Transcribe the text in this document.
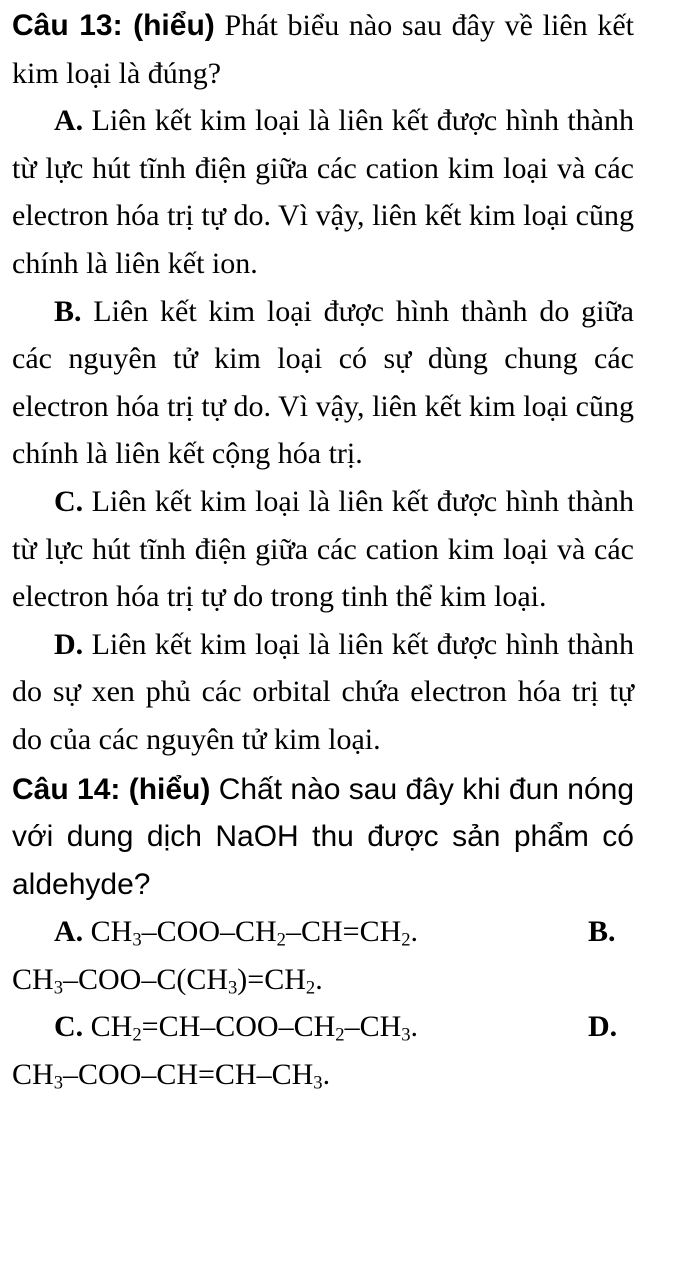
Câu 13: (hiểu) Phát biểu nào sau đây về liên kết kim loại là đúng?

A. Liên kết kim loại là liên kết được hình thành từ lực hút tĩnh điện giữa các cation kim loại và các electron hóa trị tự do. Vì vậy, liên kết kim loại cũng chính là liên kết ion.

B. Liên kết kim loại được hình thành do giữa các nguyên tử kim loại có sự dùng chung các electron hóa trị tự do. Vì vậy, liên kết kim loại cũng chính là liên kết cộng hóa trị.

C. Liên kết kim loại là liên kết được hình thành từ lực hút tĩnh điện giữa các cation kim loại và các electron hóa trị tự do trong tinh thể kim loại.

D. Liên kết kim loại là liên kết được hình thành do sự xen phủ các orbital chứa electron hóa trị tự do của các nguyên tử kim loại.

Câu 14: (hiểu) Chất nào sau đây khi đun nóng với dung dịch NaOH thu được sản phẩm có aldehyde?

A. $CH_3-COO-CH_2-CH=CH_2$.	B.
$CH_3-COO-C(CH_3)=CH_2$.
C. $CH_2=CH-COO-CH_2-CH_3$.	D.
$CH_3-COO-CH=CH-CH_3$.
